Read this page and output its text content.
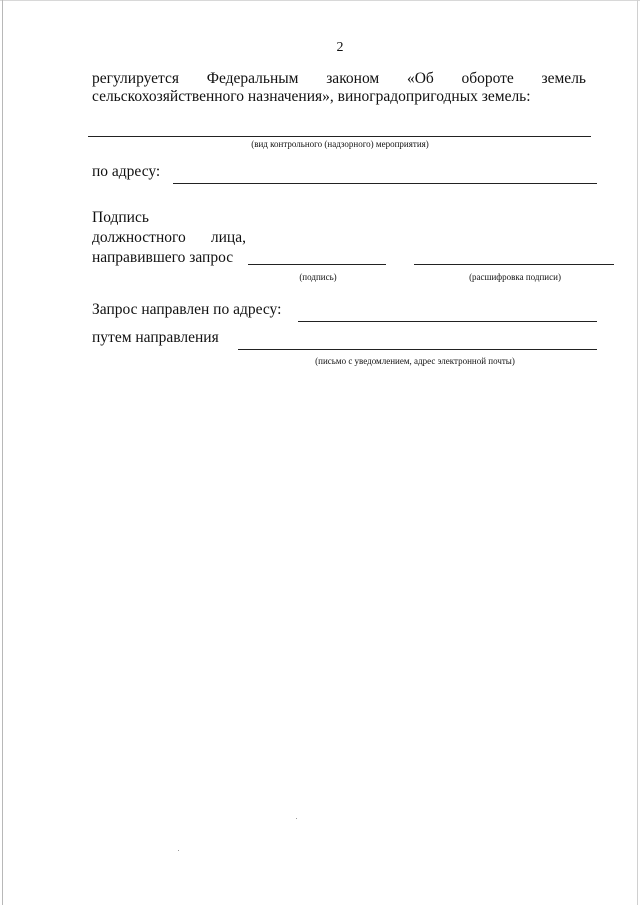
2
регулируется Федеральным законом «Об обороте земель
сельскохозяйственного назначения», виноградопригодных земель:
(вид контрольного (надзорного) мероприятия)
по адресу:
Подпись
должностного лица,
направившего запрос
(подпись)	(расшифровка подписи)
Запрос направлен по адресу:
путем направления
(письмо с уведомлением, адрес электронной почты)
